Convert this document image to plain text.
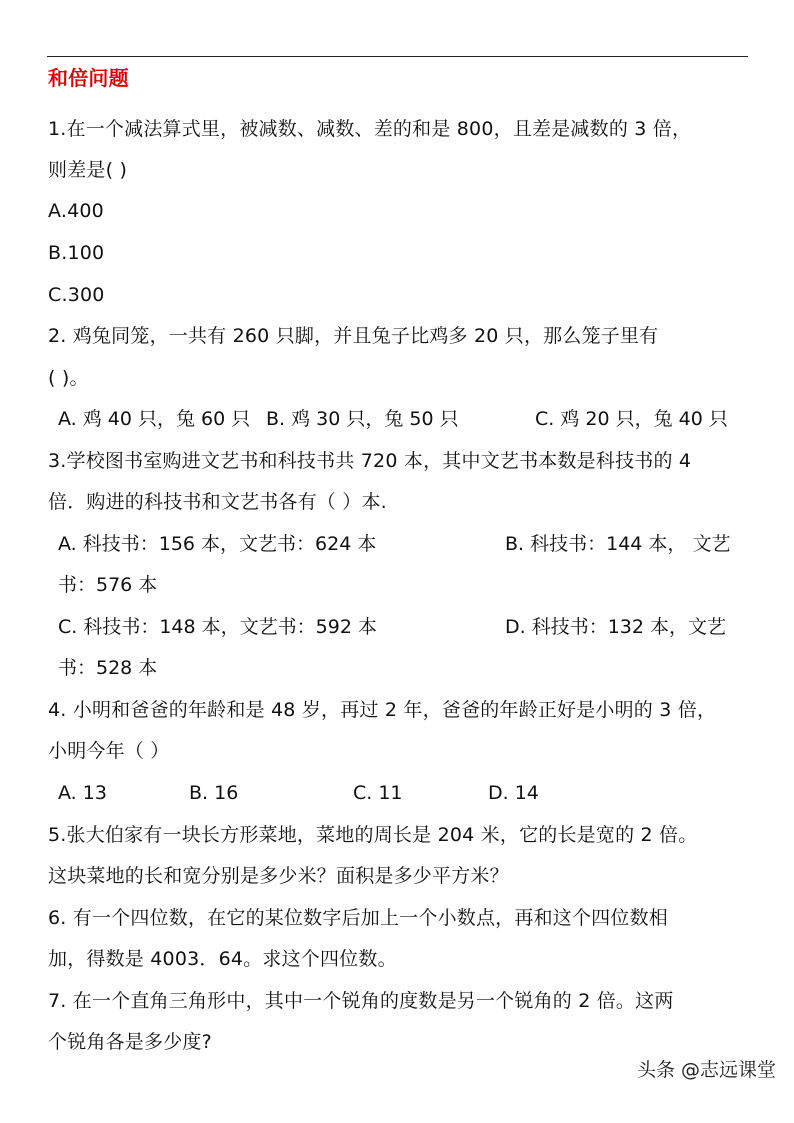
和倍问题
1.在一个减法算式里，被减数、减数、差的和是 800，且差是减数的 3 倍，
则差是( )
A.400
B.100
C.300
2. 鸡兔同笼，一共有 260 只脚，并且兔子比鸡多 20 只，那么笼子里有
( )。
A. 鸡 40 只，兔 60 只 B. 鸡 30 只，兔 50 只	C. 鸡 20 只，兔 40 只
3.学校图书室购进文艺书和科技书共 720 本，其中文艺书本数是科技书的 4
倍．购进的科技书和文艺书各有（ ）本.
A. 科技书：156 本，文艺书：624 本	B. 科技书：144 本， 文艺
书：576 本
C. 科技书：148 本，文艺书：592 本	D. 科技书：132 本，文艺
书：528 本
4. 小明和爸爸的年龄和是 48 岁，再过 2 年，爸爸的年龄正好是小明的 3 倍，
小明今年（ ）
A. 13	B. 16	C. 11	D. 14
5.张大伯家有一块长方形菜地，菜地的周长是 204 米，它的长是宽的 2 倍。
这块菜地的长和宽分别是多少米？面积是多少平方米？
6. 有一个四位数，在它的某位数字后加上一个小数点，再和这个四位数相
加，得数是 4003．64。求这个四位数。
7. 在一个直角三角形中，其中一个锐角的度数是另一个锐角的 2 倍。这两
个锐角各是多少度?
头条 @志远课堂
